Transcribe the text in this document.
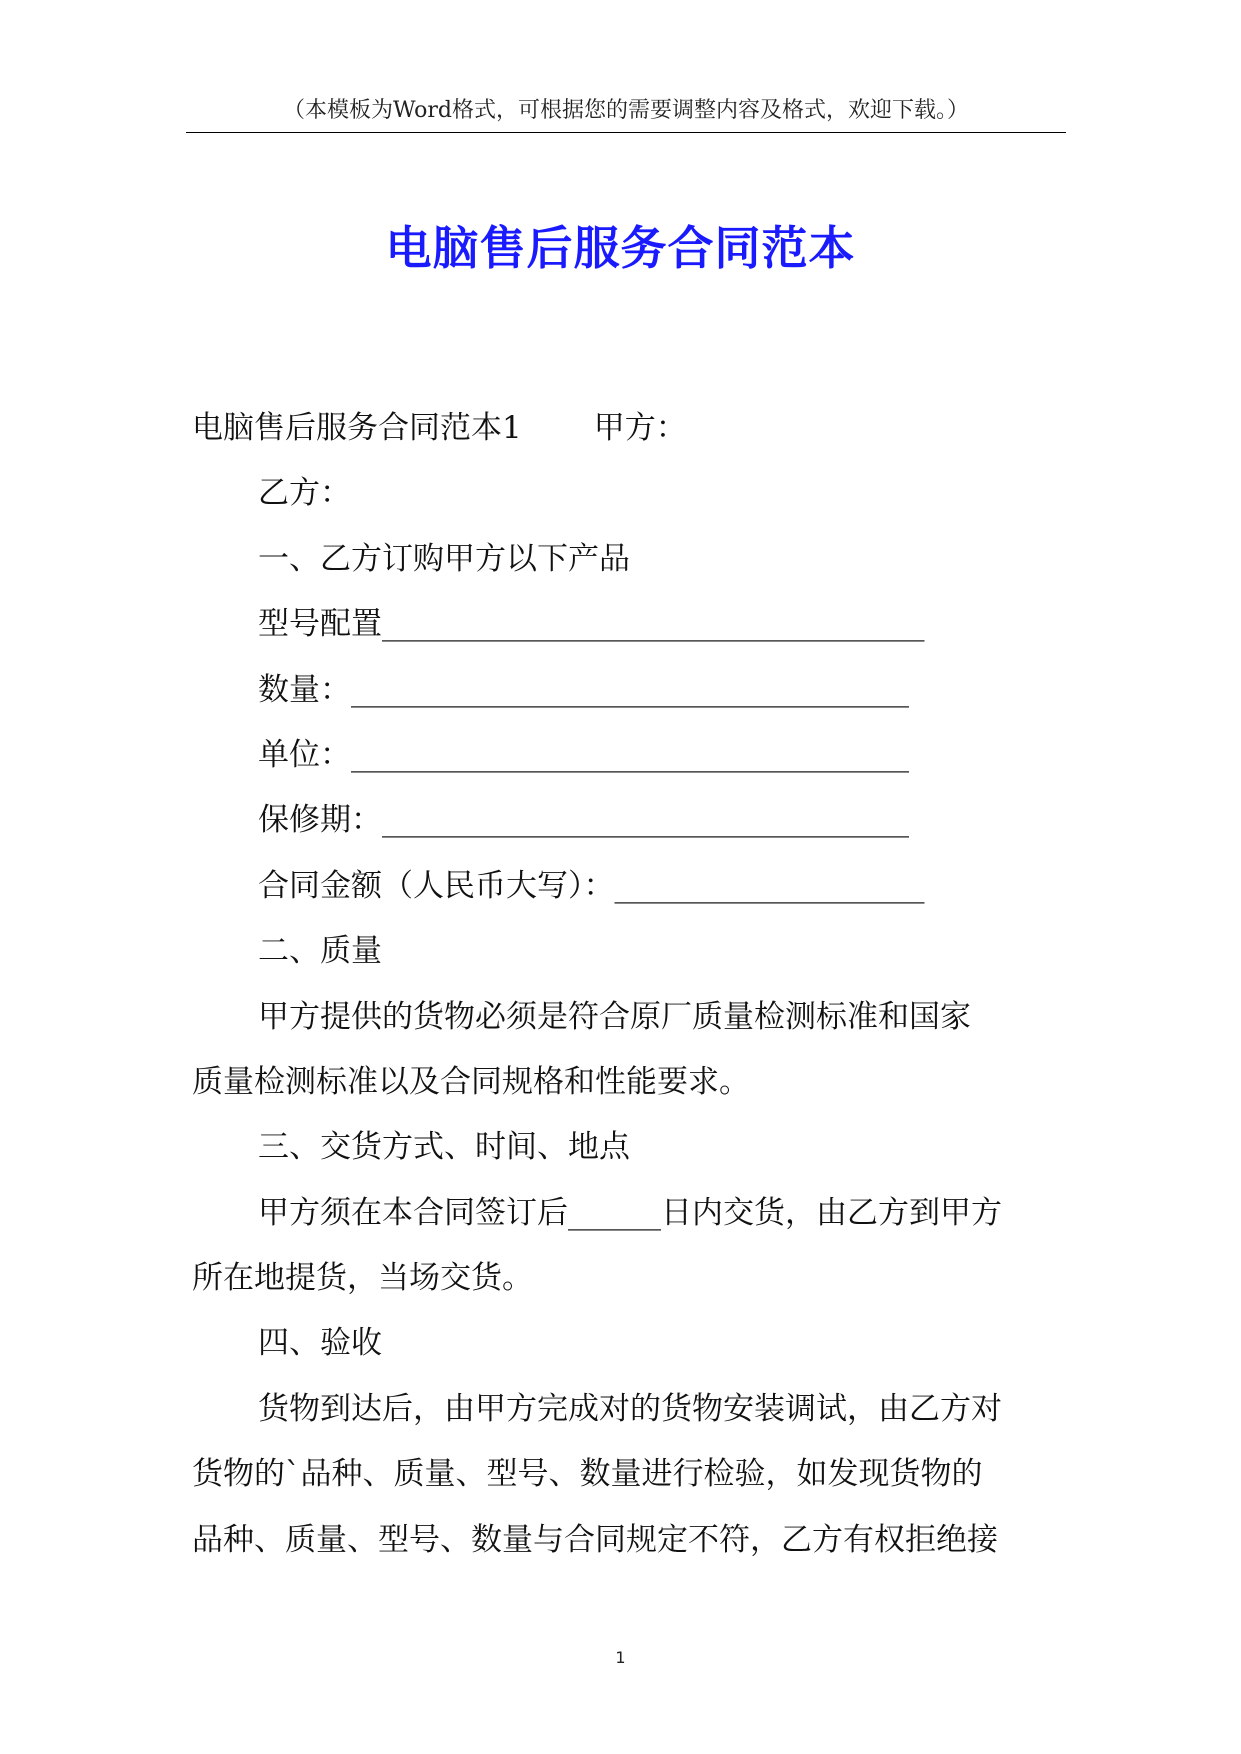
（本模板为Word格式，可根据您的需要调整内容及格式，欢迎下载。）
电脑售后服务合同范本
电脑售后服务合同范本1 甲方：
乙方：
一、乙方订购甲方以下产品
型号配置___________________________________
数量：____________________________________
单位：____________________________________
保修期：__________________________________
合同金额（人民币大写）：____________________
二、质量
甲方提供的货物必须是符合原厂质量检测标准和国家
质量检测标准以及合同规格和性能要求。
三、交货方式、时间、地点
甲方须在本合同签订后______日内交货，由乙方到甲方
所在地提货，当场交货。
四、验收
货物到达后，由甲方完成对的货物安装调试，由乙方对
货物的`品种、质量、型号、数量进行检验，如发现货物的
品种、质量、型号、数量与合同规定不符，乙方有权拒绝接
1
